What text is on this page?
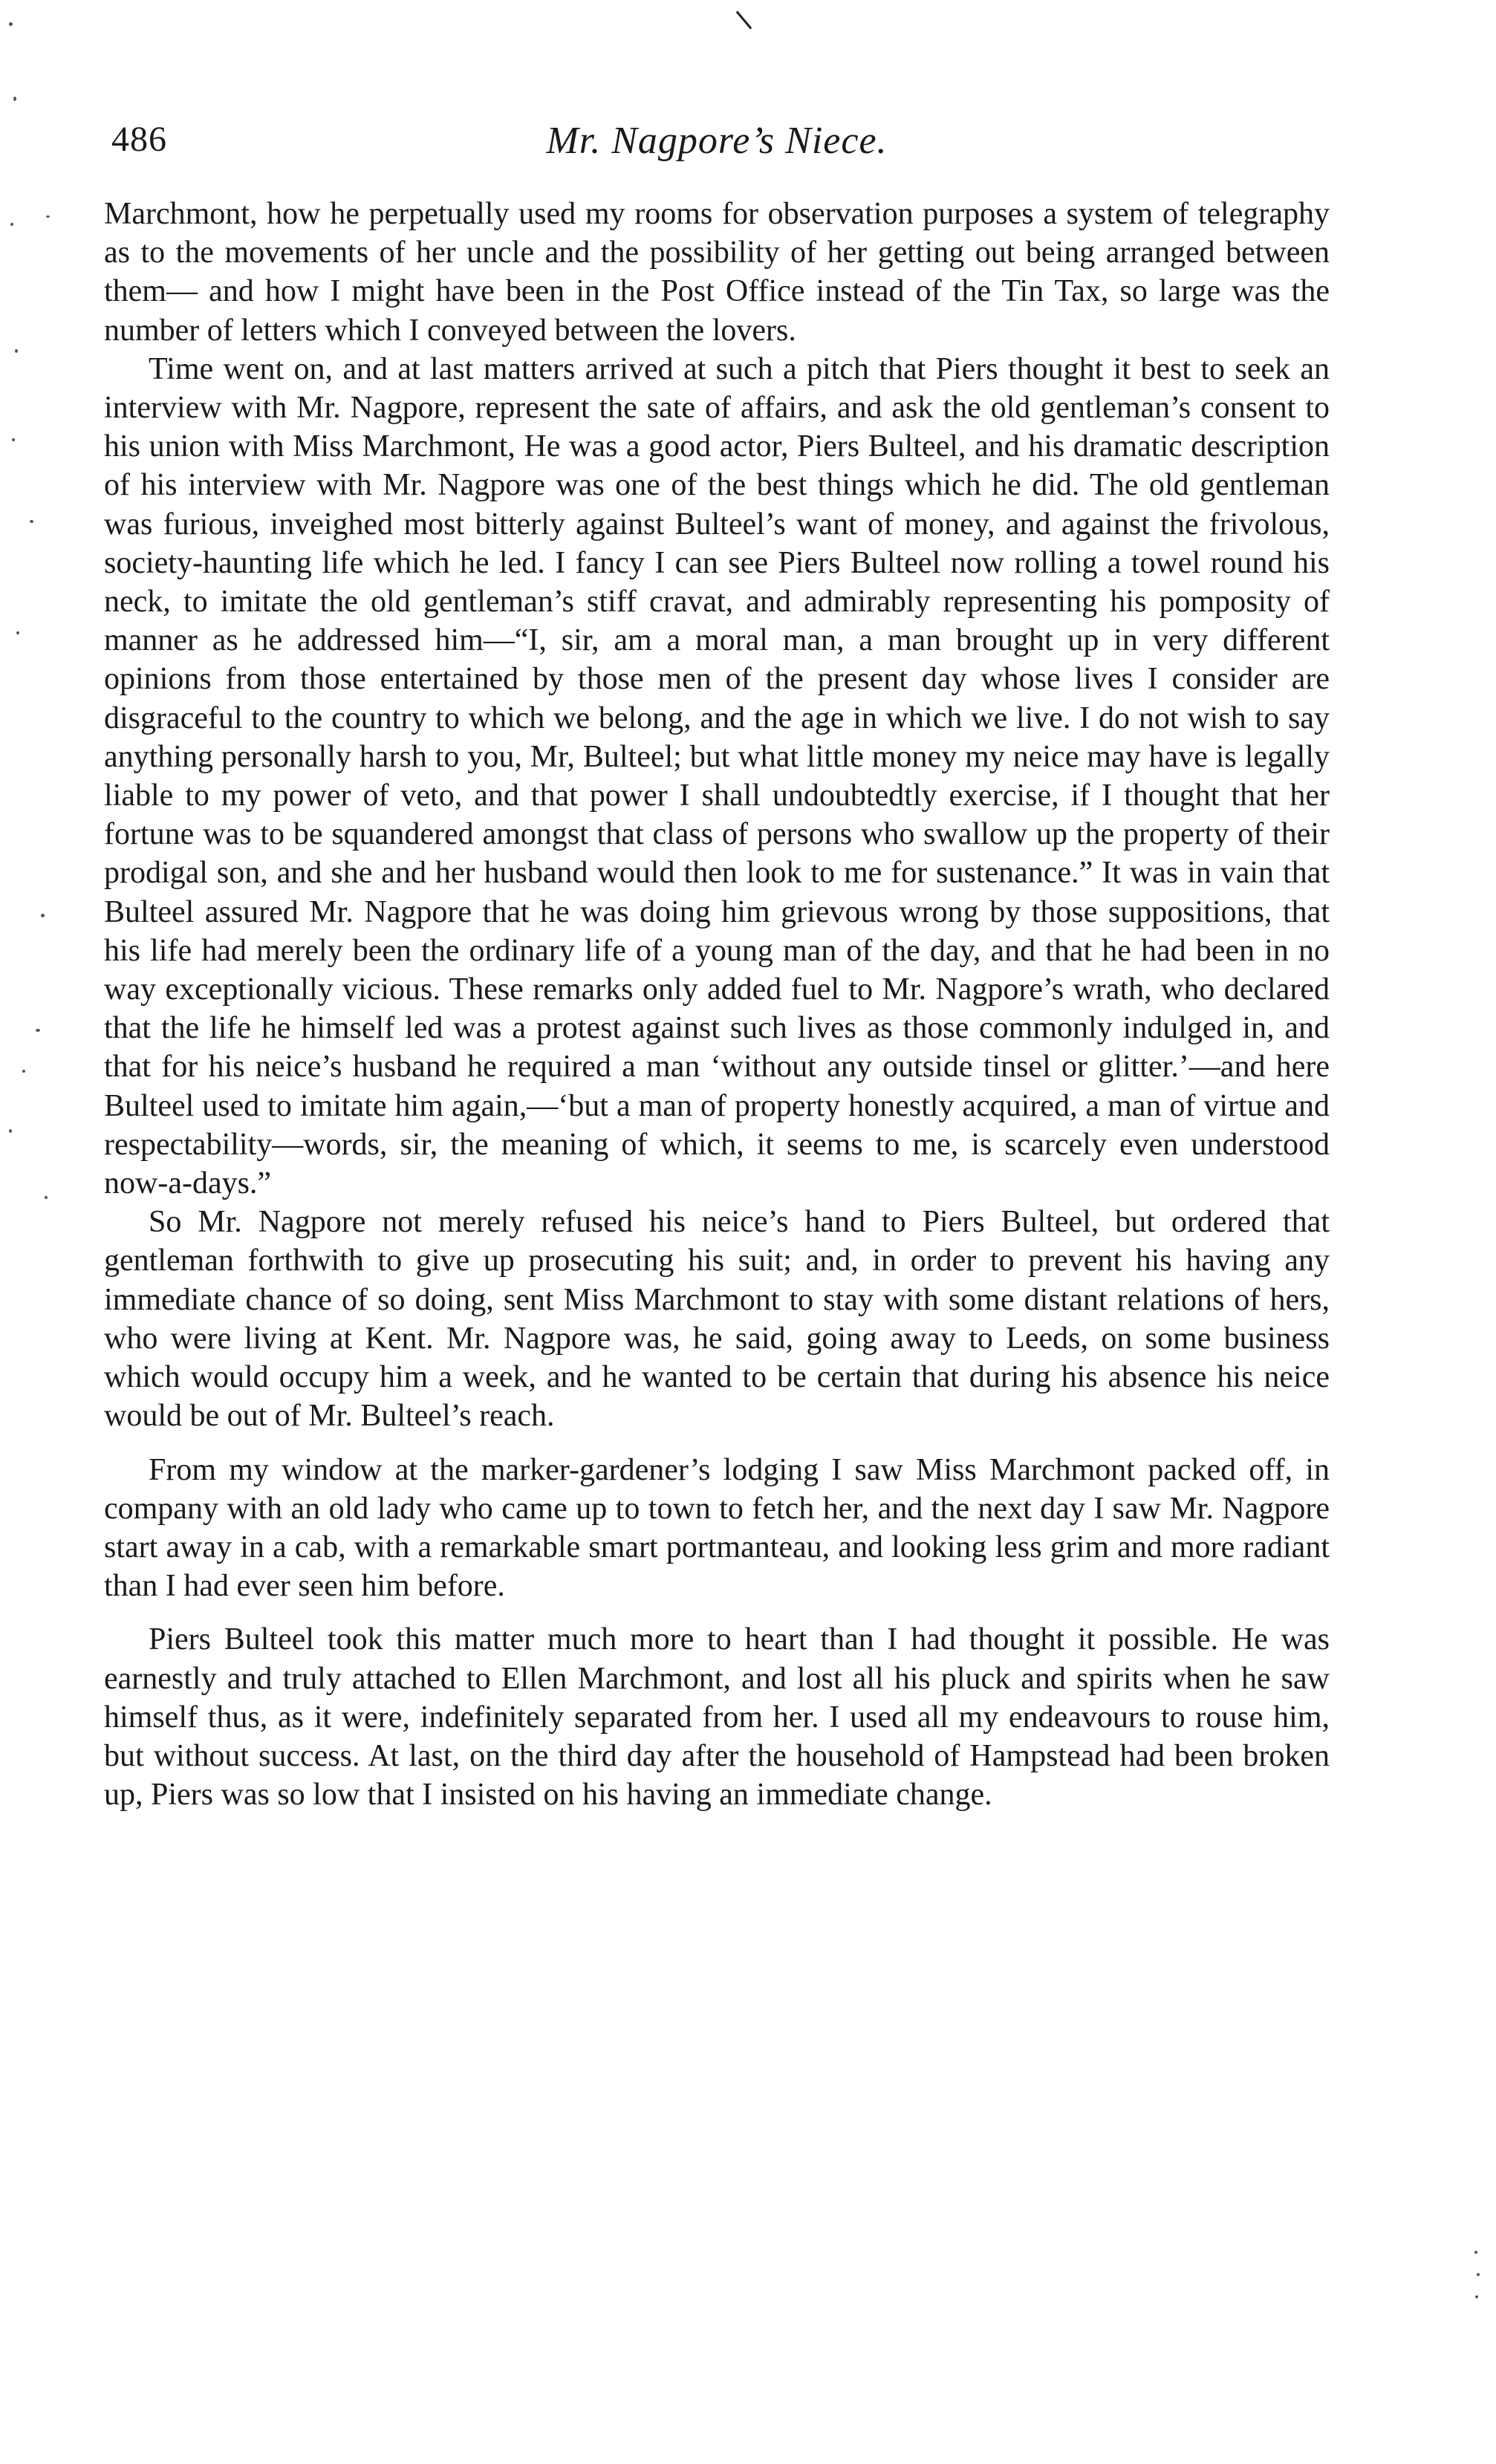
486	Mr. Nagpore’s Niece.

Marchmont, how he perpetually used my rooms for observation purposes a system of telegraphy as to the movements of her uncle and the possibility of her getting out being arranged between them— and how I might have been in the Post Office instead of the Tin Tax, so large was the number of letters which I conveyed between the lovers.

Time went on, and at last matters arrived at such a pitch that Piers thought it best to seek an interview with Mr. Nagpore, represent the sate of affairs, and ask the old gentleman’s consent to his union with Miss Marchmont, He was a good actor, Piers Bulteel, and his dramatic description of his interview with Mr. Nagpore was one of the best things which he did. The old gentleman was furious, inveighed most bitterly against Bulteel’s want of money, and against the frivolous, society-haunting life which he led. I fancy I can see Piers Bulteel now rolling a towel round his neck, to imitate the old gentleman’s stiff cravat, and admirably representing his pomposity of manner as he addressed him—“I, sir, am a moral man, a man brought up in very different opinions from those entertained by those men of the present day whose lives I consider are disgraceful to the country to which we belong, and the age in which we live. I do not wish to say anything personally harsh to you, Mr, Bulteel; but what little money my neice may have is legally liable to my power of veto, and that power I shall undoubtedtly exercise, if I thought that her fortune was to be squandered amongst that class of persons who swallow up the property of their prodigal son, and she and her husband would then look to me for sustenance.” It was in vain that Bulteel assured Mr. Nagpore that he was doing him grievous wrong by those suppositions, that his life had merely been the ordinary life of a young man of the day, and that he had been in no way exceptionally vicious. These remarks only added fuel to Mr. Nagpore’s wrath, who declared that the life he himself led was a protest against such lives as those commonly indulged in, and that for his neice’s husband he required a man ‘without any outside tinsel or glitter.’—and here Bulteel used to imitate him again,—‘but a man of property honestly acquired, a man of virtue and respectability—words, sir, the meaning of which, it seems to me, is scarcely even understood now-a-days.”

So Mr. Nagpore not merely refused his neice’s hand to Piers Bulteel, but ordered that gentleman forthwith to give up prosecuting his suit; and, in order to prevent his having any immediate chance of so doing, sent Miss Marchmont to stay with some distant relations of hers, who were living at Kent. Mr. Nagpore was, he said, going away to Leeds, on some business which would occupy him a week, and he wanted to be certain that during his absence his neice would be out of Mr. Bulteel’s reach.

From my window at the marker-gardener’s lodging I saw Miss Marchmont packed off, in company with an old lady who came up to town to fetch her, and the next day I saw Mr. Nagpore start away in a cab, with a remarkable smart portmanteau, and looking less grim and more radiant than I had ever seen him before.

Piers Bulteel took this matter much more to heart than I had thought it possible. He was earnestly and truly attached to Ellen Marchmont, and lost all his pluck and spirits when he saw himself thus, as it were, indefinitely separated from her. I used all my endeavours to rouse him, but without success. At last, on the third day after the household of Hampstead had been broken up, Piers was so low that I insisted on his having an immediate change.
